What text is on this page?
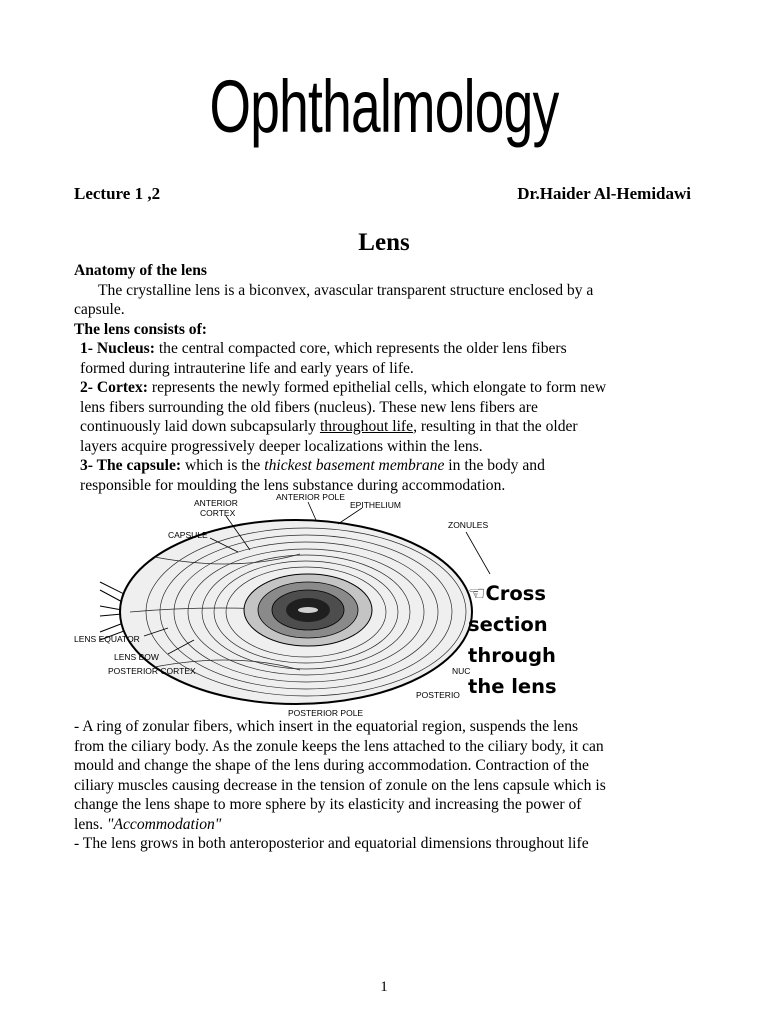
Ophthalmology
Lecture 1 ,2	Dr.Haider Al-Hemidawi
Lens
Anatomy of the lens
The crystalline lens is a biconvex, avascular transparent structure enclosed by a
capsule.
The lens consists of:
1- Nucleus: the central compacted core, which represents the older lens fibers
formed during intrauterine life and early years of life.
2- Cortex: represents the newly formed epithelial cells, which elongate to form new
lens fibers surrounding the old fibers (nucleus). These new lens fibers are
continuously laid down subcapsularly throughout life, resulting in that the older
layers acquire progressively deeper localizations within the lens.
3- The capsule: which is the thickest basement membrane in the body and
responsible for moulding the lens substance during accommodation.
ANTERIOR
CORTEX
ANTERIOR POLE
EPITHELIUM
ZONULES
CAPSULE
LENS EQUATOR
LENS BOW
POSTERIOR CORTEX	NUC
POSTERIO
POSTERIOR POLE
☜Cross
section
through
the lens
- A ring of zonular fibers, which insert in the equatorial region, suspends the lens
from the ciliary body. As the zonule keeps the lens attached to the ciliary body, it can
mould and change the shape of the lens during accommodation. Contraction of the
ciliary muscles causing decrease in the tension of zonule on the lens capsule which is
change the lens shape to more sphere by its elasticity and increasing the power of
lens. "Accommodation"
- The lens grows in both anteroposterior and equatorial dimensions throughout life
1
